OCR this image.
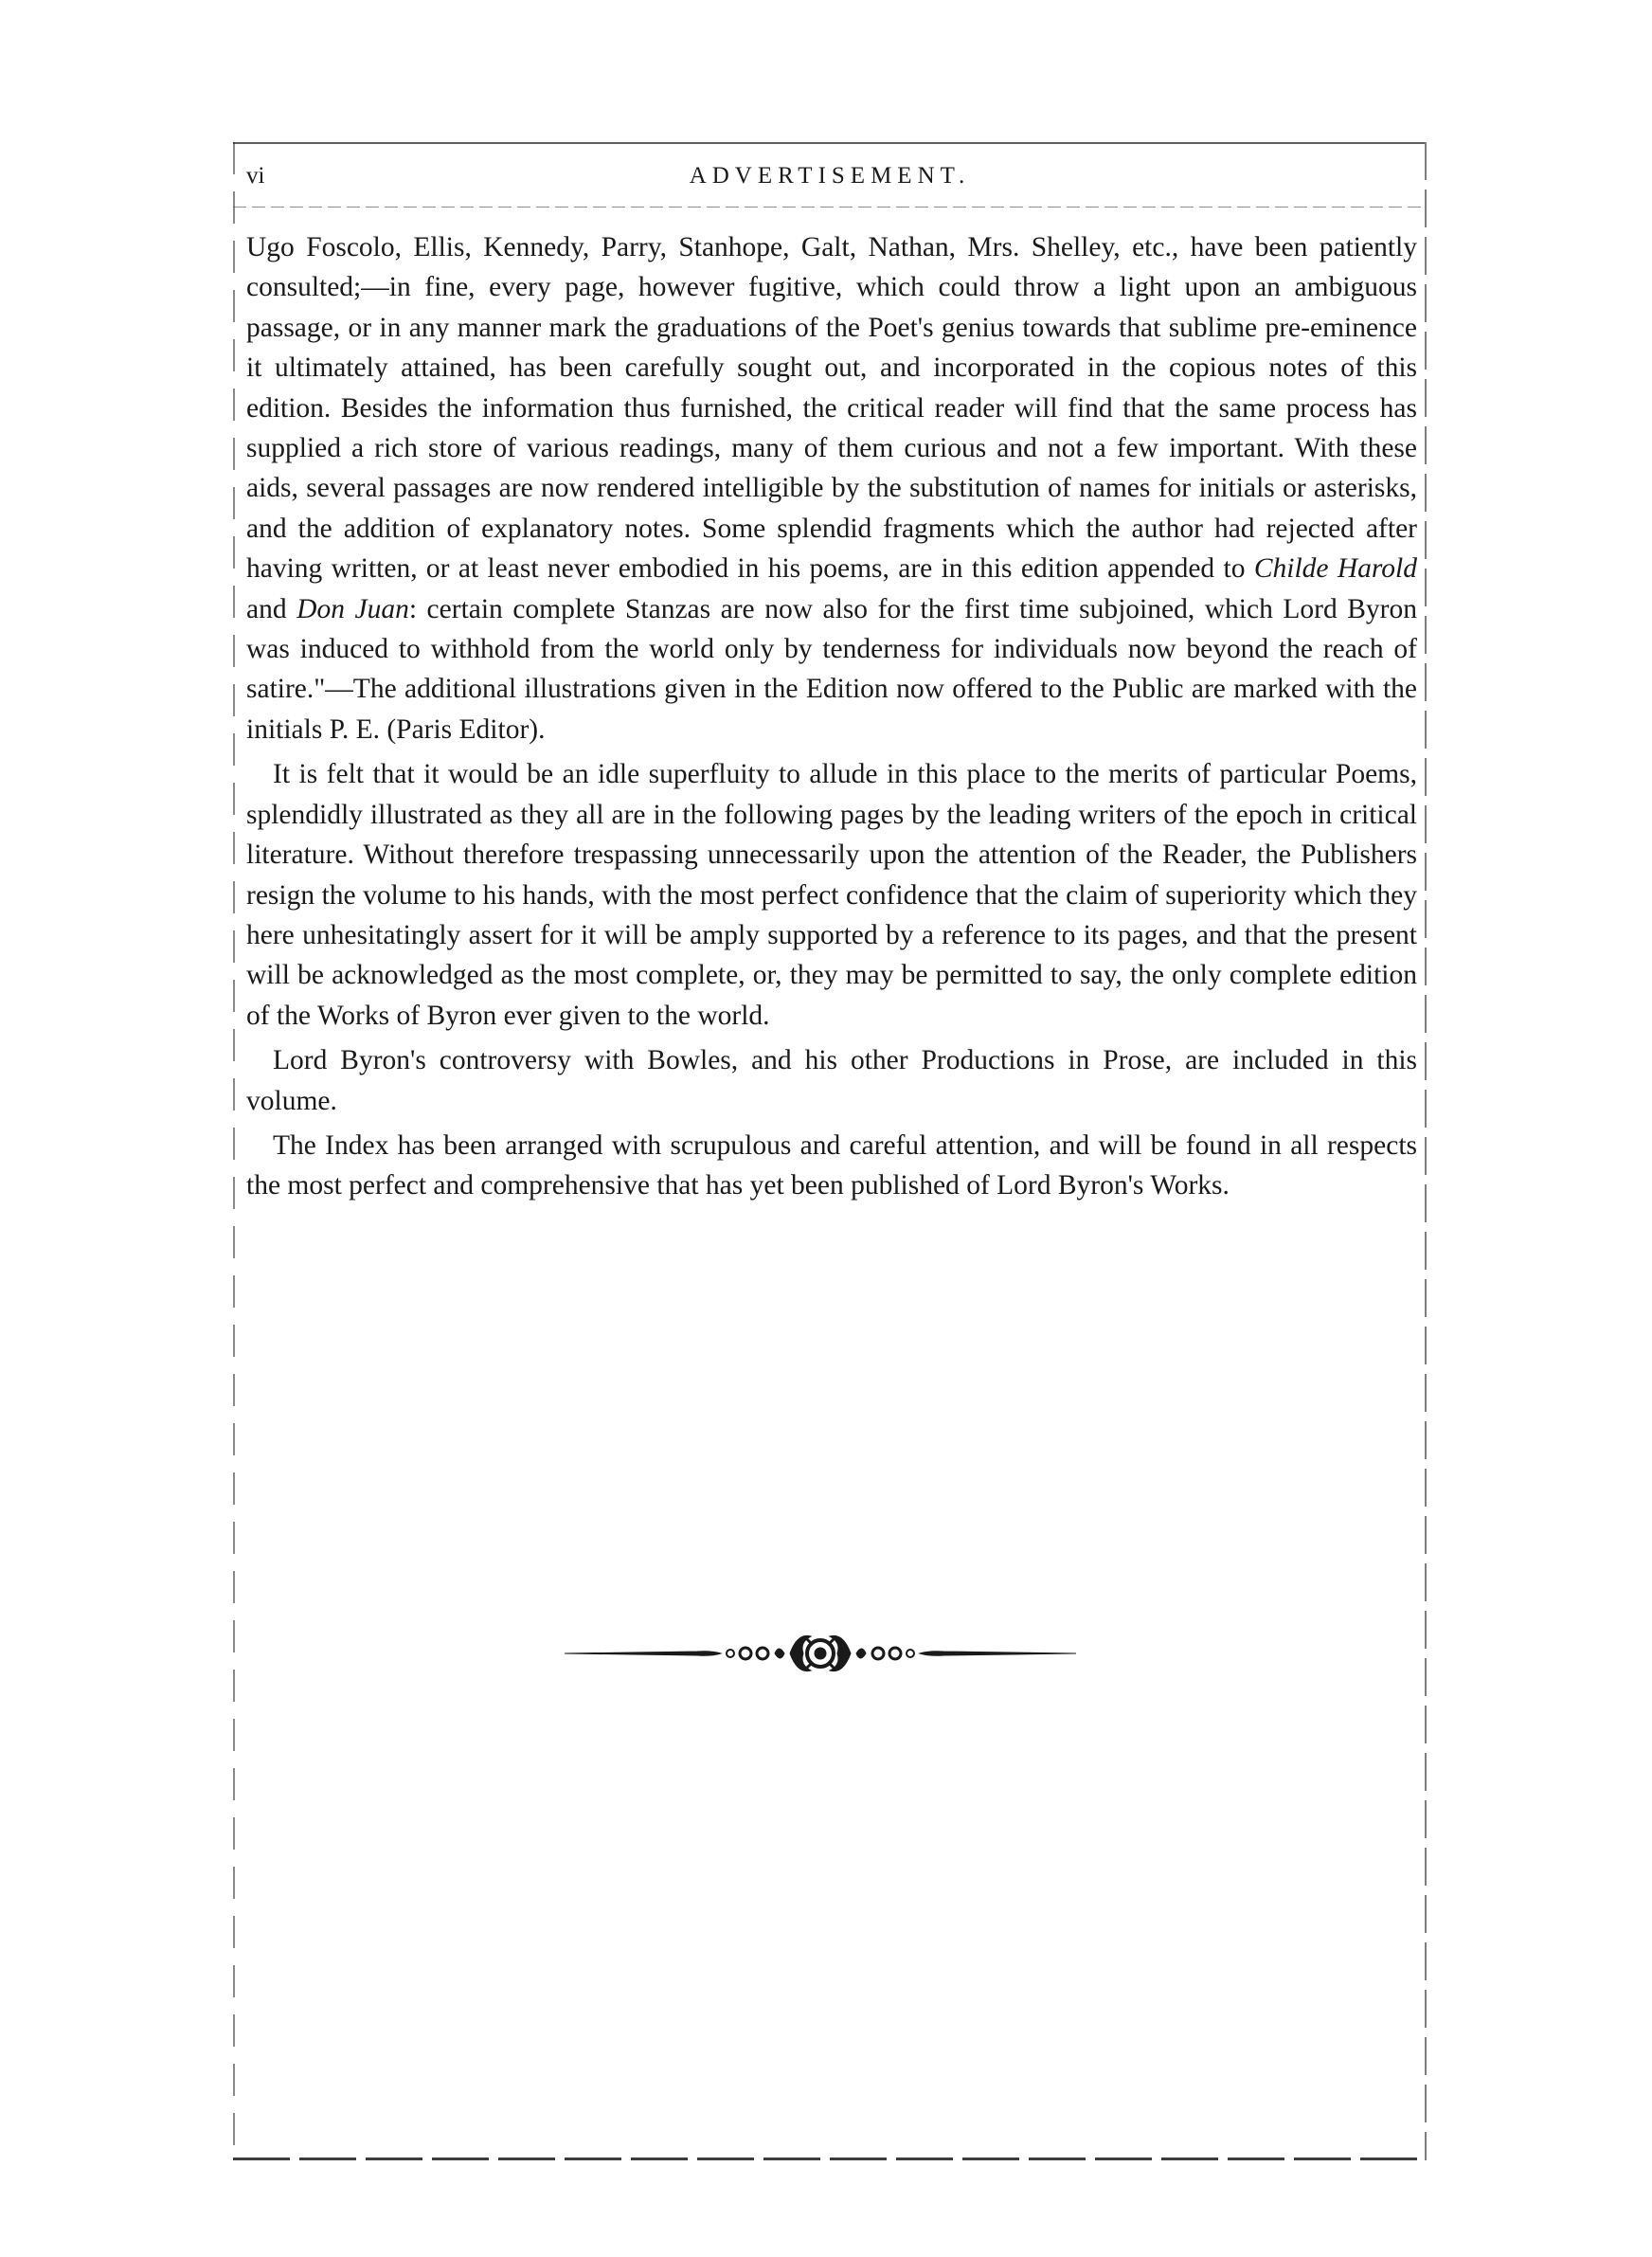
vi	ADVERTISEMENT.

Ugo Foscolo, Ellis, Kennedy, Parry, Stanhope, Galt, Nathan, Mrs. Shelley, etc., have been patiently consulted;—in fine, every page, however fugitive, which could throw a light upon an ambiguous passage, or in any manner mark the graduations of the Poet's genius towards that sublime pre-eminence it ultimately attained, has been carefully sought out, and incorporated in the copious notes of this edition. Besides the information thus furnished, the critical reader will find that the same process has supplied a rich store of various readings, many of them curious and not a few important. With these aids, several passages are now rendered intelligible by the substitution of names for initials or asterisks, and the addition of explanatory notes. Some splendid fragments which the author had rejected after having written, or at least never embodied in his poems, are in this edition appended to Childe Harold and Don Juan: certain complete Stanzas are now also for the first time subjoined, which Lord Byron was induced to withhold from the world only by tenderness for individuals now beyond the reach of satire."—The additional illustrations given in the Edition now offered to the Public are marked with the initials P. E. (Paris Editor).

It is felt that it would be an idle superfluity to allude in this place to the merits of particular Poems, splendidly illustrated as they all are in the following pages by the leading writers of the epoch in critical literature. Without therefore trespassing unnecessarily upon the attention of the Reader, the Publishers resign the volume to his hands, with the most perfect confidence that the claim of superiority which they here unhesitatingly assert for it will be amply supported by a reference to its pages, and that the present will be acknowledged as the most complete, or, they may be permitted to say, the only complete edition of the Works of Byron ever given to the world.

Lord Byron's controversy with Bowles, and his other Productions in Prose, are included in this volume.

The Index has been arranged with scrupulous and careful attention, and will be found in all respects the most perfect and comprehensive that has yet been published of Lord Byron's Works.
